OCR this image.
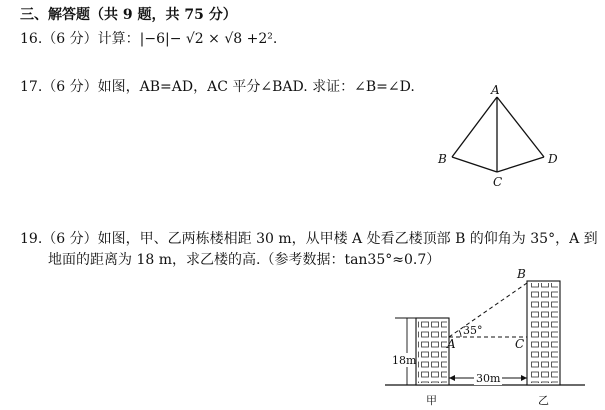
三、解答题（共 9 题，共 75 分）
16.（6 分）计算：|−6|− √2 × √8 +2².
17.（6 分）如图，AB=AD，AC 平分∠BAD. 求证：∠B=∠D.	A
B
C
D
19.（6 分）如图，甲、乙两栋楼相距 30 m，从甲楼 A 处看乙楼顶部 B 的仰角为 35°，A 到
地面的距离为 18 m，求乙楼的高.（参考数据：tan35°≈0.7）
35°
18m
30m
A
B
C
甲	乙
